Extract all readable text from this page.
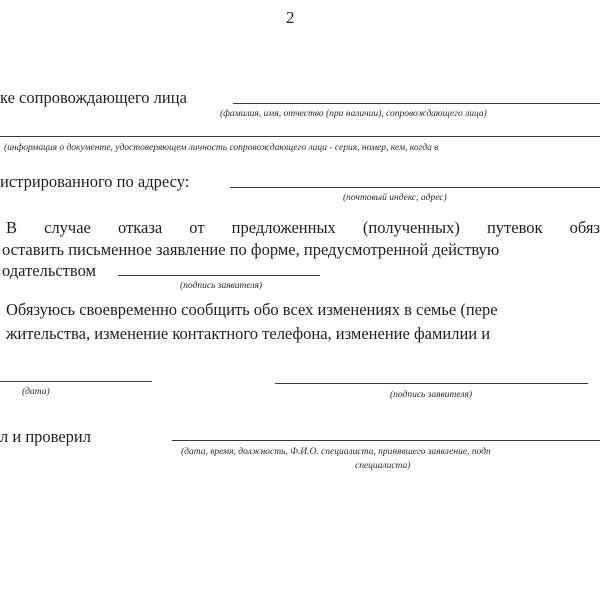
2
ке сопровождающего лица
(фамилия, имя, отчество (при наличии), сопровождающего лица)
(информация о документе, удостоверяющем личность сопровождающего лица - серия, номер, кем, когда в
истрированного по адресу:
(почтовый индекс, адрес)
В случае отказа от предложенных (полученных) путевок обяз
оставить письменное заявление по форме, предусмотренной действую
одательством
(подпись заявителя)
Обязуюсь своевременно сообщить обо всех изменениях в семье (пере
жительства, изменение контактного телефона, изменение фамилии и
(дата)	(подпись заявителя)
л и проверил
(дата, время, должность, Ф.И.О. специалиста, принявшего заявление, подп
специалиста)
